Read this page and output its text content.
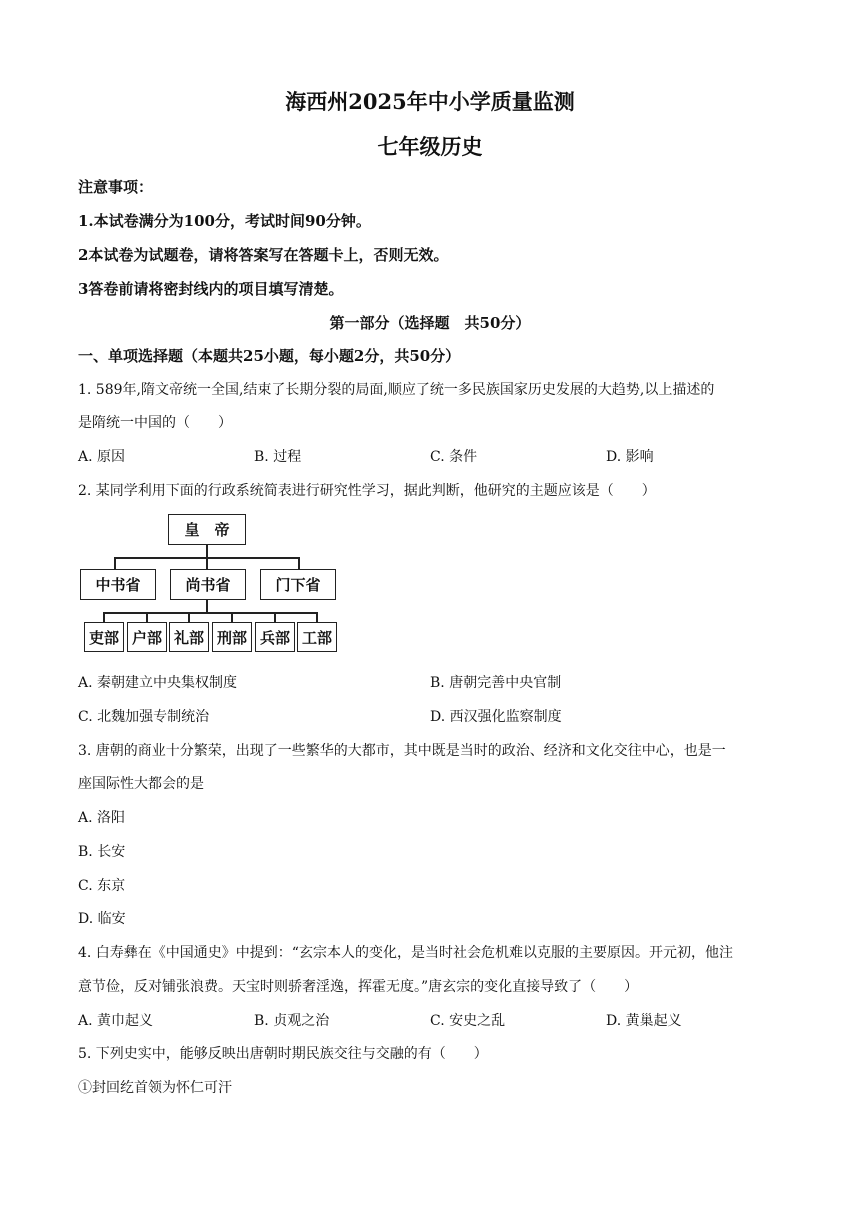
海西州2025年中小学质量监测
七年级历史
注意事项：
1.本试卷满分为100分，考试时间90分钟。
2本试卷为试题卷，请将答案写在答题卡上，否则无效。
3答卷前请将密封线内的项目填写清楚。
第一部分（选择题　共50分）
一、单项选择题（本题共25小题，每小题2分，共50分）
1. 589年,隋文帝统一全国,结束了长期分裂的局面,顺应了统一多民族国家历史发展的大趋势,以上描述的
是隋统一中国的（　　）
A. 原因	B. 过程	C. 条件	D. 影响
2. 某同学利用下面的行政系统简表进行研究性学习，据此判断，他研究的主题应该是（　　）
皇　帝
中书省	尚书省	门下省
吏部 户部 礼部 刑部 兵部 工部
A. 秦朝建立中央集权制度	B. 唐朝完善中央官制
C. 北魏加强专制统治	D. 西汉强化监察制度
3. 唐朝的商业十分繁荣，出现了一些繁华的大都市，其中既是当时的政治、经济和文化交往中心，也是一
座国际性大都会的是
A. 洛阳
B. 长安
C. 东京
D. 临安
4. 白寿彝在《中国通史》中提到：“玄宗本人的变化，是当时社会危机难以克服的主要原因。开元初，他注
意节俭，反对铺张浪费。天宝时则骄奢淫逸，挥霍无度。”唐玄宗的变化直接导致了（　　）
A. 黄巾起义	B. 贞观之治	C. 安史之乱	D. 黄巢起义
5. 下列史实中，能够反映出唐朝时期民族交往与交融的有（　　）
①封回纥首领为怀仁可汗
